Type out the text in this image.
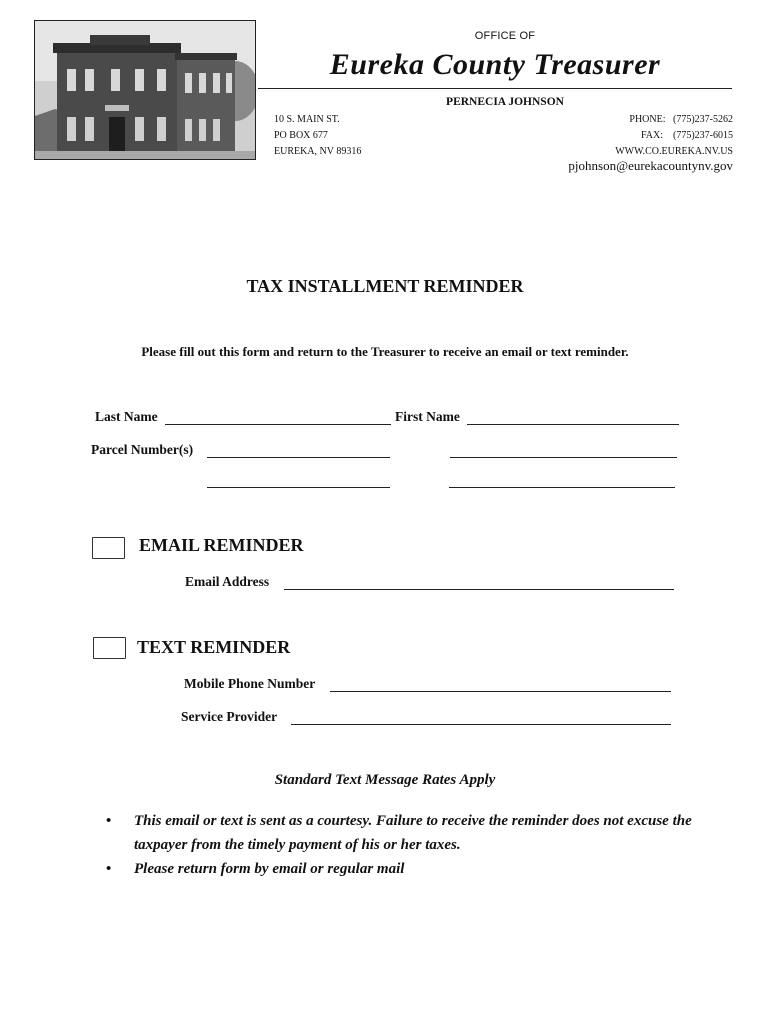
OFFICE OF
Eureka County Treasurer
PERNECIA JOHNSON
10 S. MAIN ST.
PO BOX 677
EUREKA, NV 89316
PHONE:   (775)237-5262
FAX:    (775)237-6015
WWW.CO.EUREKA.NV.US
pjohnson@eurekacountynv.gov
TAX INSTALLMENT REMINDER
Please fill out this form and return to the Treasurer to receive an email or text reminder.
Last Name	First Name
Parcel Number(s)
EMAIL REMINDER
Email Address
TEXT REMINDER
Mobile Phone Number
Service Provider
Standard Text Message Rates Apply
• This email or text is sent as a courtesy. Failure to receive the reminder does not excuse the taxpayer from the timely payment of his or her taxes.
• Please return form by email or regular mail
